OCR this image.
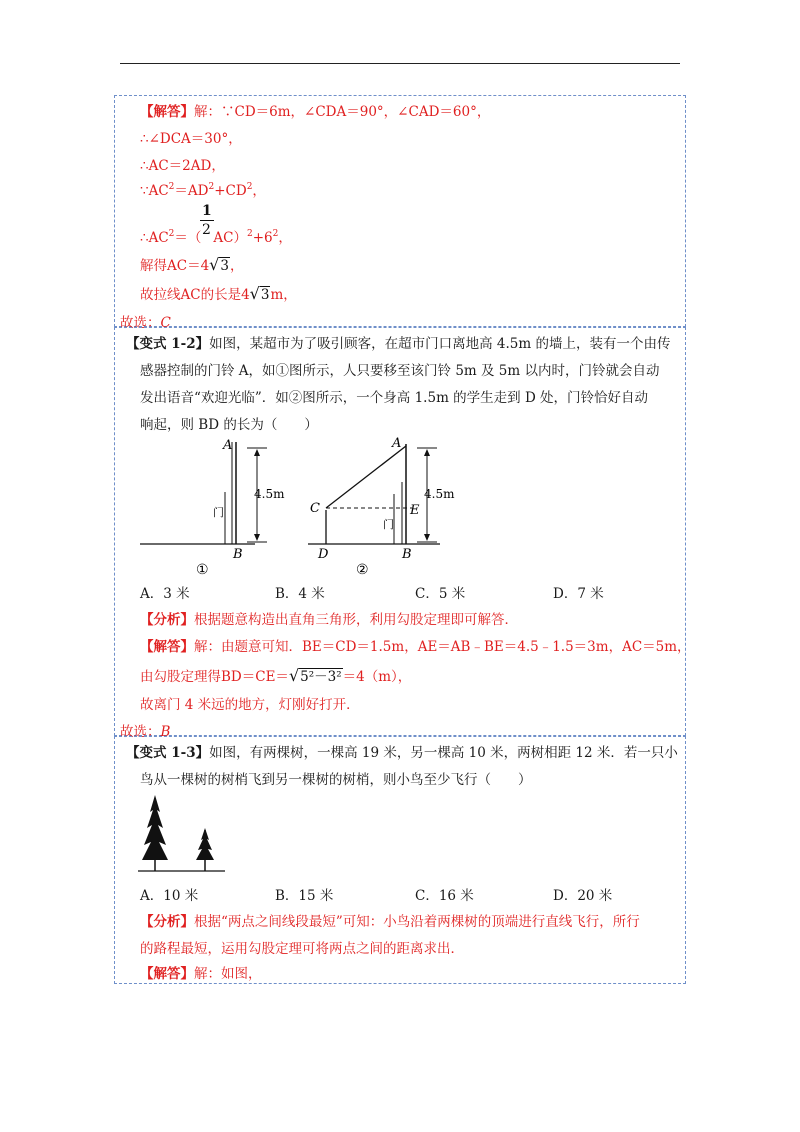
【解答】解：∵CD＝6m，∠CDA＝90°，∠CAD＝60°，
∴∠DCA＝30°，
∴AC＝2AD，
$\because AC^2=AD^2+CD^2$，
1
2
$\therefore AC^2=$（ $AC)^2+6^2$，
解得AC＝4√3，
故拉线AC的长是4√3m，
故选：C
【变式 1-2】如图，某超市为了吸引顾客，在超市门口离地高 4.5m 的墙上，装有一个由传
感器控制的门铃 A，如①图所示，人只要移至该门铃 5m 及 5m 以内时，门铃就会自动
发出语音“欢迎光临”．如②图所示，一个身高 1.5m 的学生走到 D 处，门铃恰好自动
响起，则 BD 的长为（　　）
A
B
4.5m
门
①
A
B
C
D
E
4.5m
门
②
A．3 米	B．4 米	C．5 米	D．7 米
【分析】根据题意构造出直角三角形，利用勾股定理即可解答．
【解答】解：由题意可知．BE＝CD＝1.5m，AE＝AB﹣BE＝4.5﹣1.5＝3m，AC＝5m，
由勾股定理得BD＝CE＝√5²－3²＝4（m），
故离门 4 米远的地方，灯刚好打开．
故选：B
【变式 1-3】如图，有两棵树，一棵高 19 米，另一棵高 10 米，两树相距 12 米．若一只小
鸟从一棵树的树梢飞到另一棵树的树梢，则小鸟至少飞行（　　）
A．10 米	B．15 米	C．16 米	D．20 米
【分析】根据“两点之间线段最短”可知：小鸟沿着两棵树的顶端进行直线飞行，所行
的路程最短，运用勾股定理可将两点之间的距离求出．
【解答】解：如图，
